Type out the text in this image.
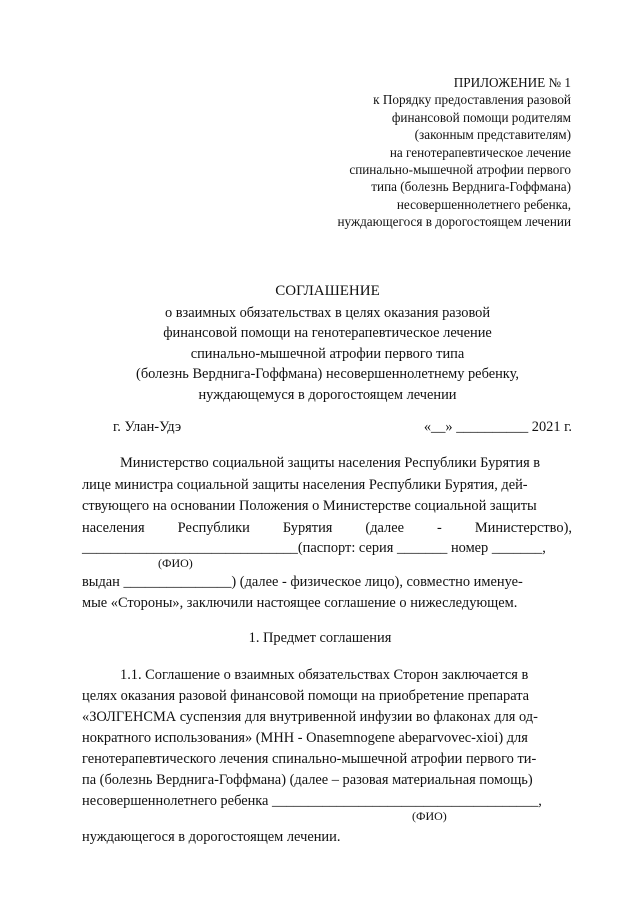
ПРИЛОЖЕНИЕ № 1
к Порядку предоставления разовой
финансовой помощи родителям
(законным представителям)
на генотерапевтическое лечение
спинально-мышечной атрофии первого
типа (болезнь Верднига-Гоффмана)
несовершеннолетнего ребенка,
нуждающегося в дорогостоящем лечении
СОГЛАШЕНИЕ
о взаимных обязательствах в целях оказания разовой
финансовой помощи на генотерапевтическое лечение
спинально-мышечной атрофии первого типа
(болезнь Верднига-Гоффмана) несовершеннолетнему ребенку,
нуждающемуся в дорогостоящем лечении
г. Улан-Удэ	«__» __________ 2021 г.
Министерство социальной защиты населения Республики Бурятия в
лице министра социальной защиты населения Республики Бурятия, дей-
ствующего на основании Положения о Министерстве социальной защиты
населения Республики Бурятия (далее - Министерство),
______________________________(паспорт: серия _______ номер _______,
(ФИО)
выдан _______________) (далее - физическое лицо), совместно именуе-
мые «Стороны», заключили настоящее соглашение о нижеследующем.
1. Предмет соглашения
1.1. Соглашение о взаимных обязательствах Сторон заключается в
целях оказания разовой финансовой помощи на приобретение препарата
«ЗОЛГЕНСМА суспензия для внутривенной инфузии во флаконах для од-
нократного использования» (МНН - Onasemnogene abeparvovec-xioi) для
генотерапевтического лечения спинально-мышечной атрофии первого ти-
па (болезнь Верднига-Гоффмана) (далее – разовая материальная помощь)
несовершеннолетнего ребенка _____________________________________,
(ФИО)
нуждающегося в дорогостоящем лечении.
